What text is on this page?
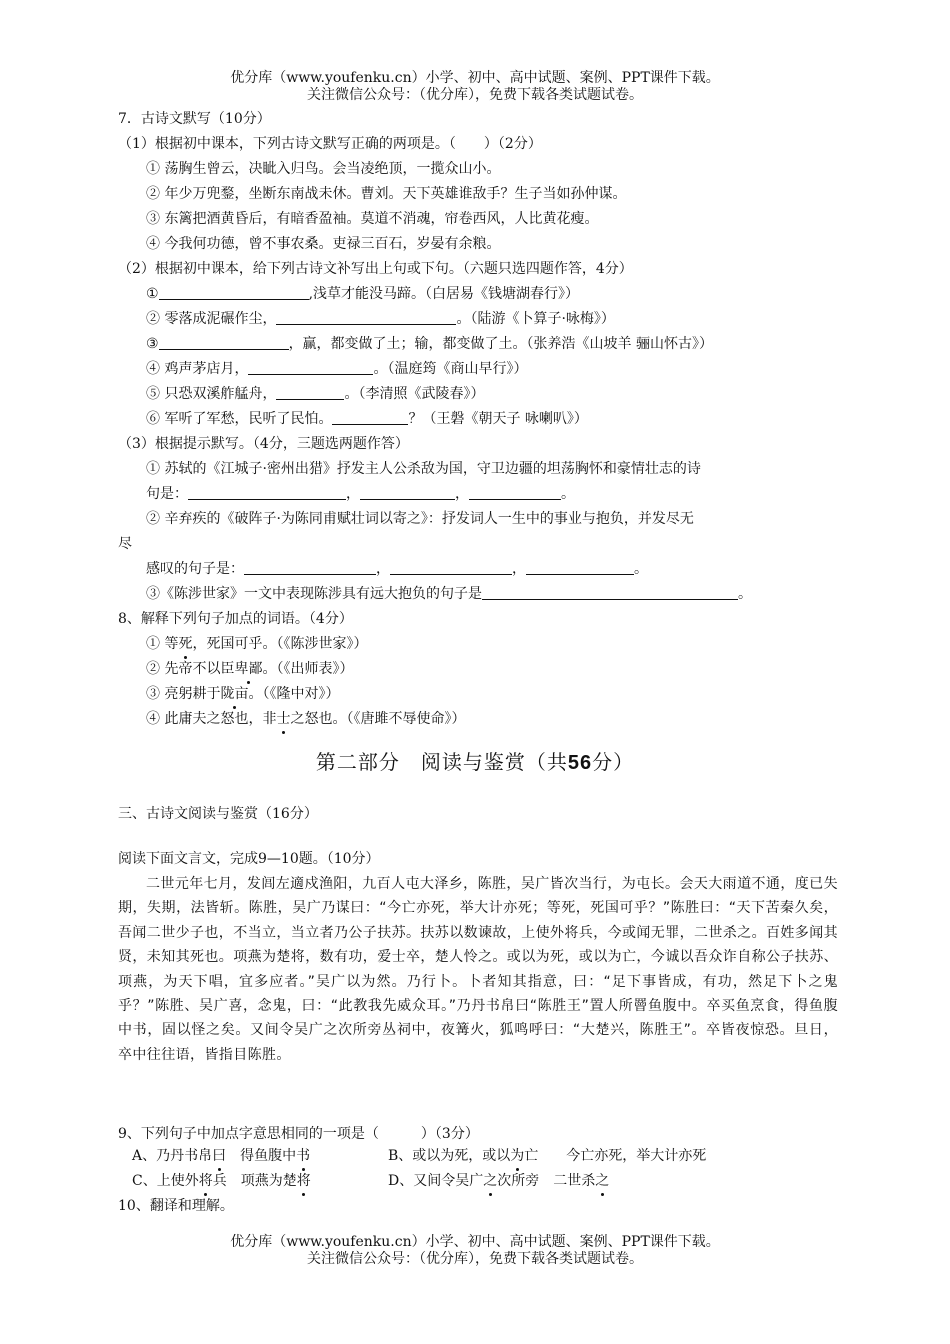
优分库（www.youfenku.cn）小学、初中、高中试题、案例、PPT课件下载。
关注微信公众号：（优分库），免费下载各类试题试卷。
7．古诗文默写（10分）
（1）根据初中课本，下列古诗文默写正确的两项是。（　　）（2分）
① 荡胸生曾云，决眦入归鸟。会当凌绝顶，一揽众山小。
② 年少万兜鍪，坐断东南战未休。曹刘。天下英雄谁敌手？生子当如孙仲谋。
③ 东篱把酒黄昏后，有暗香盈袖。莫道不消魂，帘卷西风，人比黄花瘦。
④ 今我何功德，曾不事农桑。吏禄三百石，岁晏有余粮。
（2）根据初中课本，给下列古诗文补写出上句或下句。（六题只选四题作答，4分）
①	,浅草才能没马蹄。（白居易《钱塘湖春行》）
② 零落成泥碾作尘，	。（陆游《卜算子·咏梅》）
③	，赢，都变做了土；输，都变做了土。（张养浩《山坡羊 骊山怀古》）
④ 鸡声茅店月，	。（温庭筠《商山早行》）
⑤ 只恐双溪舴艋舟，	。（李清照《武陵春》）
⑥ 军听了军愁，民听了民怕。	？（王磐《朝天子 咏喇叭》）
（3）根据提示默写。（4分，三题选两题作答）
① 苏轼的《江城子·密州出猎》抒发主人公杀敌为国，守卫边疆的坦荡胸怀和豪情壮志的诗
句是：	，	，	。
② 辛弃疾的《破阵子·为陈同甫赋壮词以寄之》：抒发词人一生中的事业与抱负，并发尽无
尽
感叹的句子是：	，	，	。
③《陈涉世家》一文中表现陈涉具有远大抱负的句子是	。
8、解释下列句子加点的词语。（4分）
① 等死，死国可乎。（《陈涉世家》）
② 先帝不以臣卑鄙。（《出师表》）
③ 亮躬耕于陇亩。（《隆中对》）
④ 此庸夫之怒也，非士之怒也。（《唐雎不辱使命》）
第二部分　阅读与鉴赏（共56分）
三、古诗文阅读与鉴赏（16分）
阅读下面文言文，完成9—10题。（10分）
二世元年七月，发闾左適戍渔阳，九百人屯大泽乡，陈胜，吴广皆次当行，为屯长。会天大雨道不通，度已失期，失期，法皆斩。陈胜，吴广乃谋曰：“今亡亦死，举大计亦死；等死，死国可乎？”陈胜曰：“天下苦秦久矣，吾闻二世少子也，不当立，当立者乃公子扶苏。扶苏以数谏故，上使外将兵，今或闻无罪，二世杀之。百姓多闻其贤，未知其死也。项燕为楚将，数有功，爱士卒，楚人怜之。或以为死，或以为亡，今诚以吾众诈自称公子扶苏、项燕，为天下唱，宜多应者。”吴广以为然。乃行卜。卜者知其指意，曰：“足下事皆成，有功，然足下卜之鬼乎？”陈胜、吴广喜，念鬼，曰：“此教我先威众耳。”乃丹书帛曰“陈胜王”置人所罾鱼腹中。卒买鱼烹食，得鱼腹中书，固以怪之矣。又间令吴广之次所旁丛祠中，夜篝火，狐鸣呼曰：“大楚兴，陈胜王”。卒皆夜惊恐。旦日，卒中往往语，皆指目陈胜。
9、下列句子中加点字意思相同的一项是（　　　）（3分）
A、乃丹书帛曰　得鱼腹中书	B、或以为死，或以为亡　　今亡亦死，举大计亦死
C、上使外将兵　项燕为楚将	D、又间令吴广之次所旁　二世杀之
10、翻译和理解。
优分库（www.youfenku.cn）小学、初中、高中试题、案例、PPT课件下载。
关注微信公众号：（优分库），免费下载各类试题试卷。
